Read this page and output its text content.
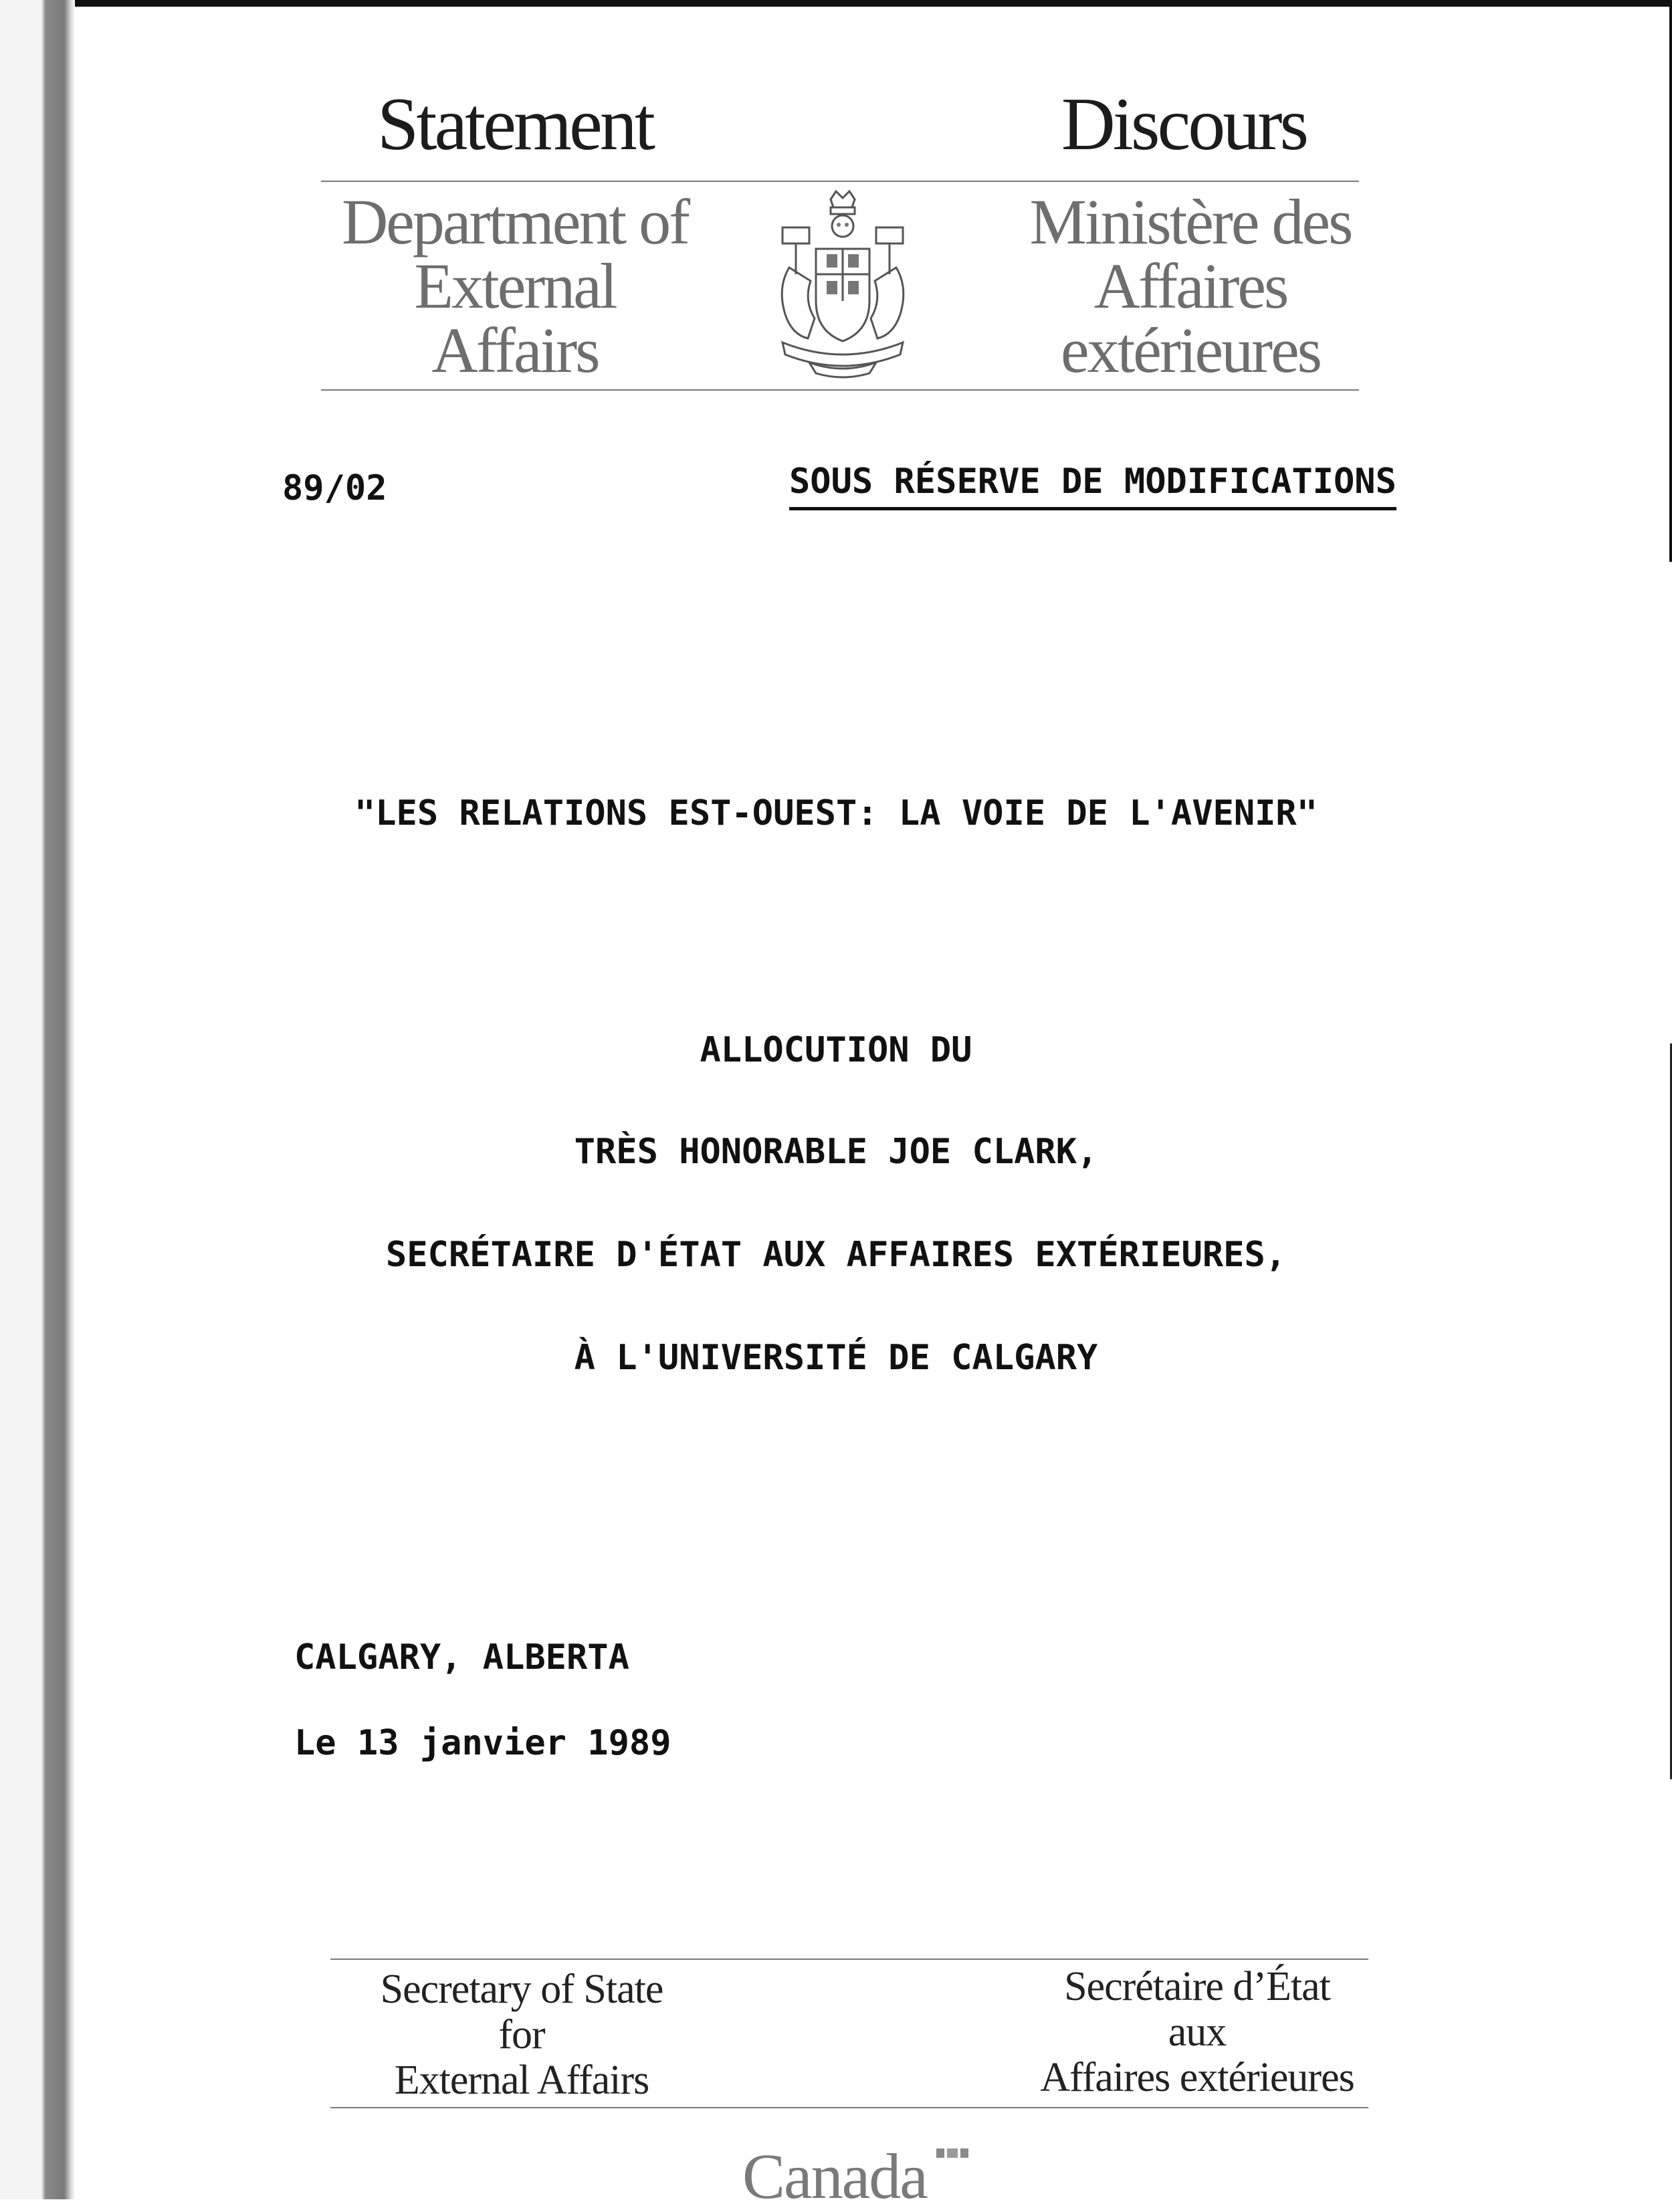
Statement	Discours
Department of
External
Affairs
Ministère des
Affaires
extérieures
89/02	SOUS RÉSERVE DE MODIFICATIONS
"LES RELATIONS EST-OUEST: LA VOIE DE L'AVENIR"
ALLOCUTION DU
TRÈS HONORABLE JOE CLARK,
SECRÉTAIRE D'ÉTAT AUX AFFAIRES EXTÉRIEURES,
À L'UNIVERSITÉ DE CALGARY
CALGARY, ALBERTA
Le 13 janvier 1989
Secretary of State
for
External Affairs
Secrétaire d’État
aux
Affaires extérieures
Canada
